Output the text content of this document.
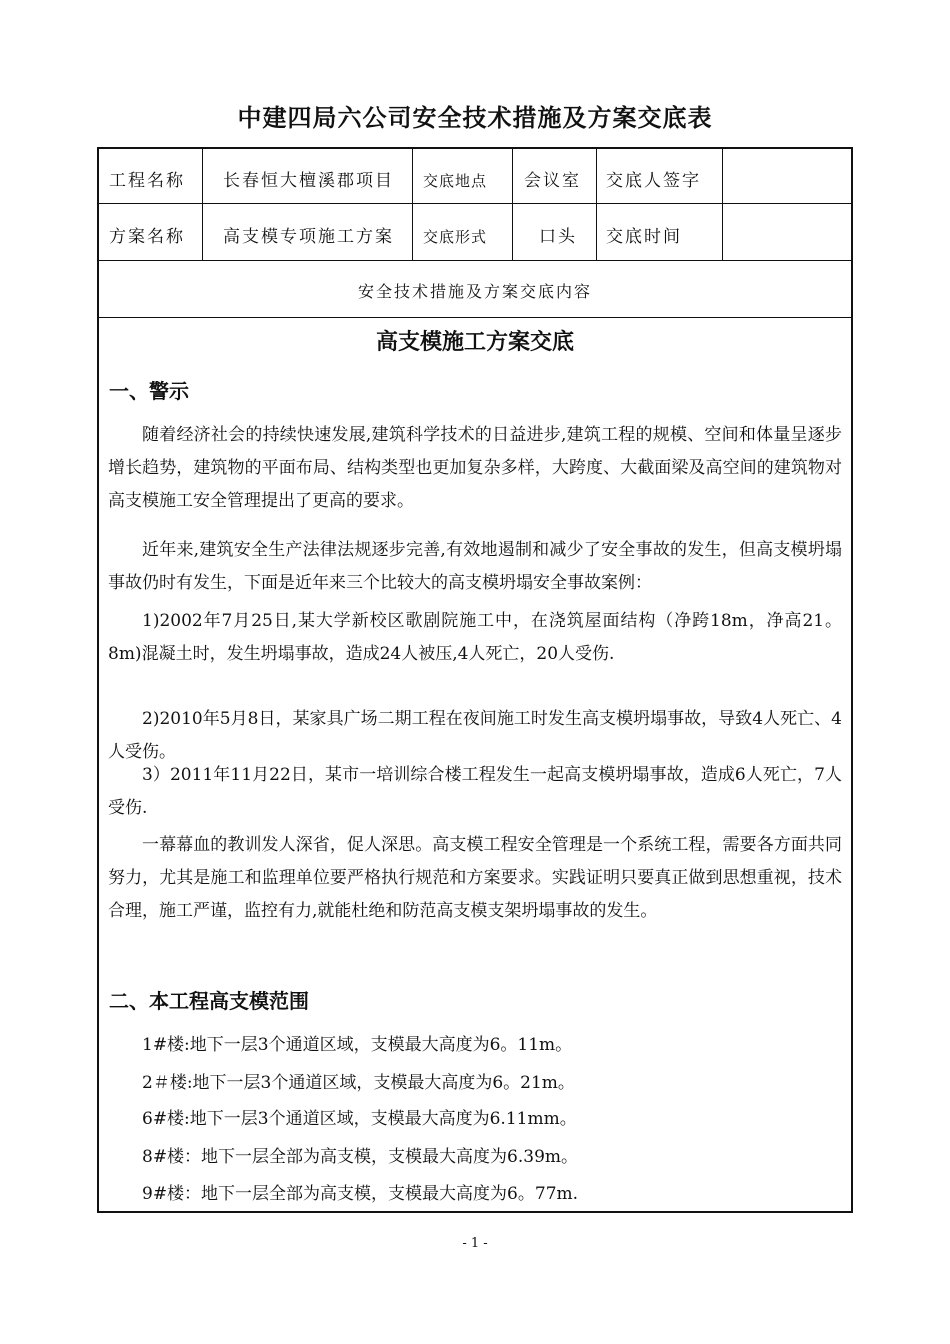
中建四局六公司安全技术措施及方案交底表
工程名称 长春恒大檀溪郡项目 交底地点 会议室 交底人签字
方案名称 高支模专项施工方案 交底形式	口头 交底时间
安全技术措施及方案交底内容
高支模施工方案交底
一、警示

随着经济社会的持续快速发展,建筑科学技术的日益进步,建筑工程的规模、空间和体量呈逐步增长趋势，建筑物的平面布局、结构类型也更加复杂多样，大跨度、大截面梁及高空间的建筑物对高支模施工安全管理提出了更高的要求。

近年来,建筑安全生产法律法规逐步完善,有效地遏制和减少了安全事故的发生，但高支模坍塌事故仍时有发生，下面是近年来三个比较大的高支模坍塌安全事故案例：

1)2002年7月25日,某大学新校区歌剧院施工中，在浇筑屋面结构（净跨18m，净高21。8m)混凝土时，发生坍塌事故，造成24人被压,4人死亡，20人受伤.

2)2010年5月8日，某家具广场二期工程在夜间施工时发生高支模坍塌事故，导致4人死亡、4人受伤。

3）2011年11月22日，某市一培训综合楼工程发生一起高支模坍塌事故，造成6人死亡，7人受伤.

一幕幕血的教训发人深省，促人深思。高支模工程安全管理是一个系统工程，需要各方面共同努力，尤其是施工和监理单位要严格执行规范和方案要求。实践证明只要真正做到思想重视，技术合理，施工严谨，监控有力,就能杜绝和防范高支模支架坍塌事故的发生。

二、本工程高支模范围

1#楼:地下一层3个通道区域，支模最大高度为6。11m。

2＃楼:地下一层3个通道区域，支模最大高度为6。21m。

6#楼:地下一层3个通道区域，支模最大高度为6.11mm。

8#楼：地下一层全部为高支模，支模最大高度为6.39m。

9#楼：地下一层全部为高支模，支模最大高度为6。77m.

- 1 -
